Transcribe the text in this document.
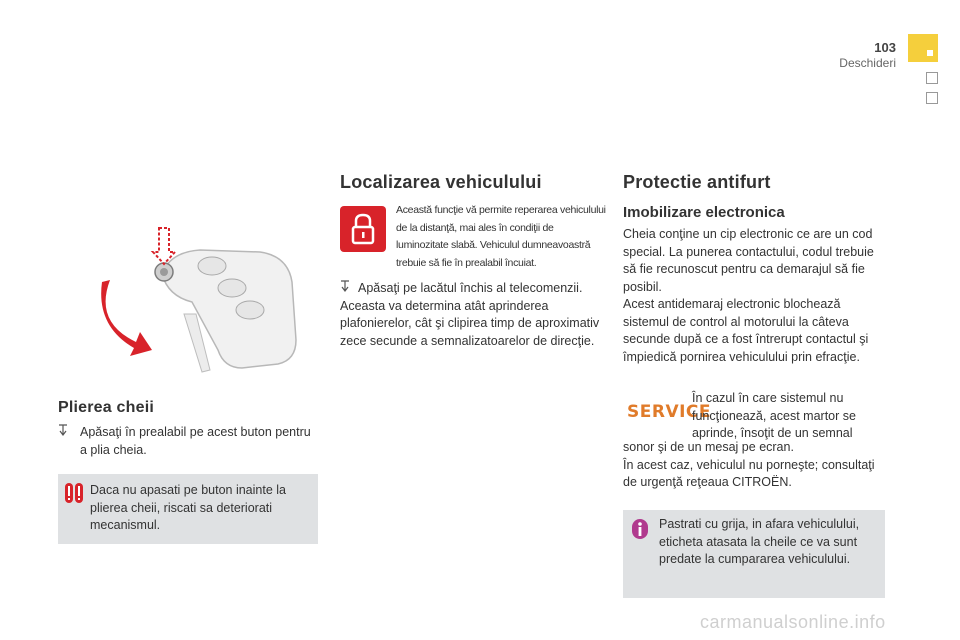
103
Deschideri
Plierea cheii
	Apăsaţi în prealabil pe acest buton pentru a plia cheia.
Daca nu apasati pe buton inainte la plierea cheii, riscati sa deteriorati mecanismul.
Localizarea vehiculului
Această funcţie vă permite reperarea vehiculului de la distanţă, mai ales în condiţii de luminozitate slabă. Vehiculul dumneavoastră trebuie să fie în prealabil încuiat.
Apăsaţi pe lacătul închis al telecomenzii.
Aceasta va determina atât aprinderea plafonierelor, cât şi clipirea timp de aproximativ zece secunde a semnalizatoarelor de direcţie.
Protectie antifurt
Imobilizare electronica
Cheia conţine un cip electronic ce are un cod special. La punerea contactului, codul trebuie să fie recunoscut pentru ca demarajul să fie posibil.
Acest antidemaraj electronic blochează sistemul de control al motorului la câteva secunde după ce a fost întrerupt contactul şi împiedică pornirea vehiculului prin efracţie.
SERVICE
În cazul în care sistemul nu funcţionează, acest martor se aprinde, însoţit de un semnal
sonor şi de un mesaj pe ecran.
În acest caz, vehiculul nu porneşte; consultaţi de urgenţă reţeaua CITROËN.
Pastrati cu grija, in afara vehiculului, eticheta atasata la cheile ce va sunt predate la cumpararea vehiculului.
carmanualsonline.info
